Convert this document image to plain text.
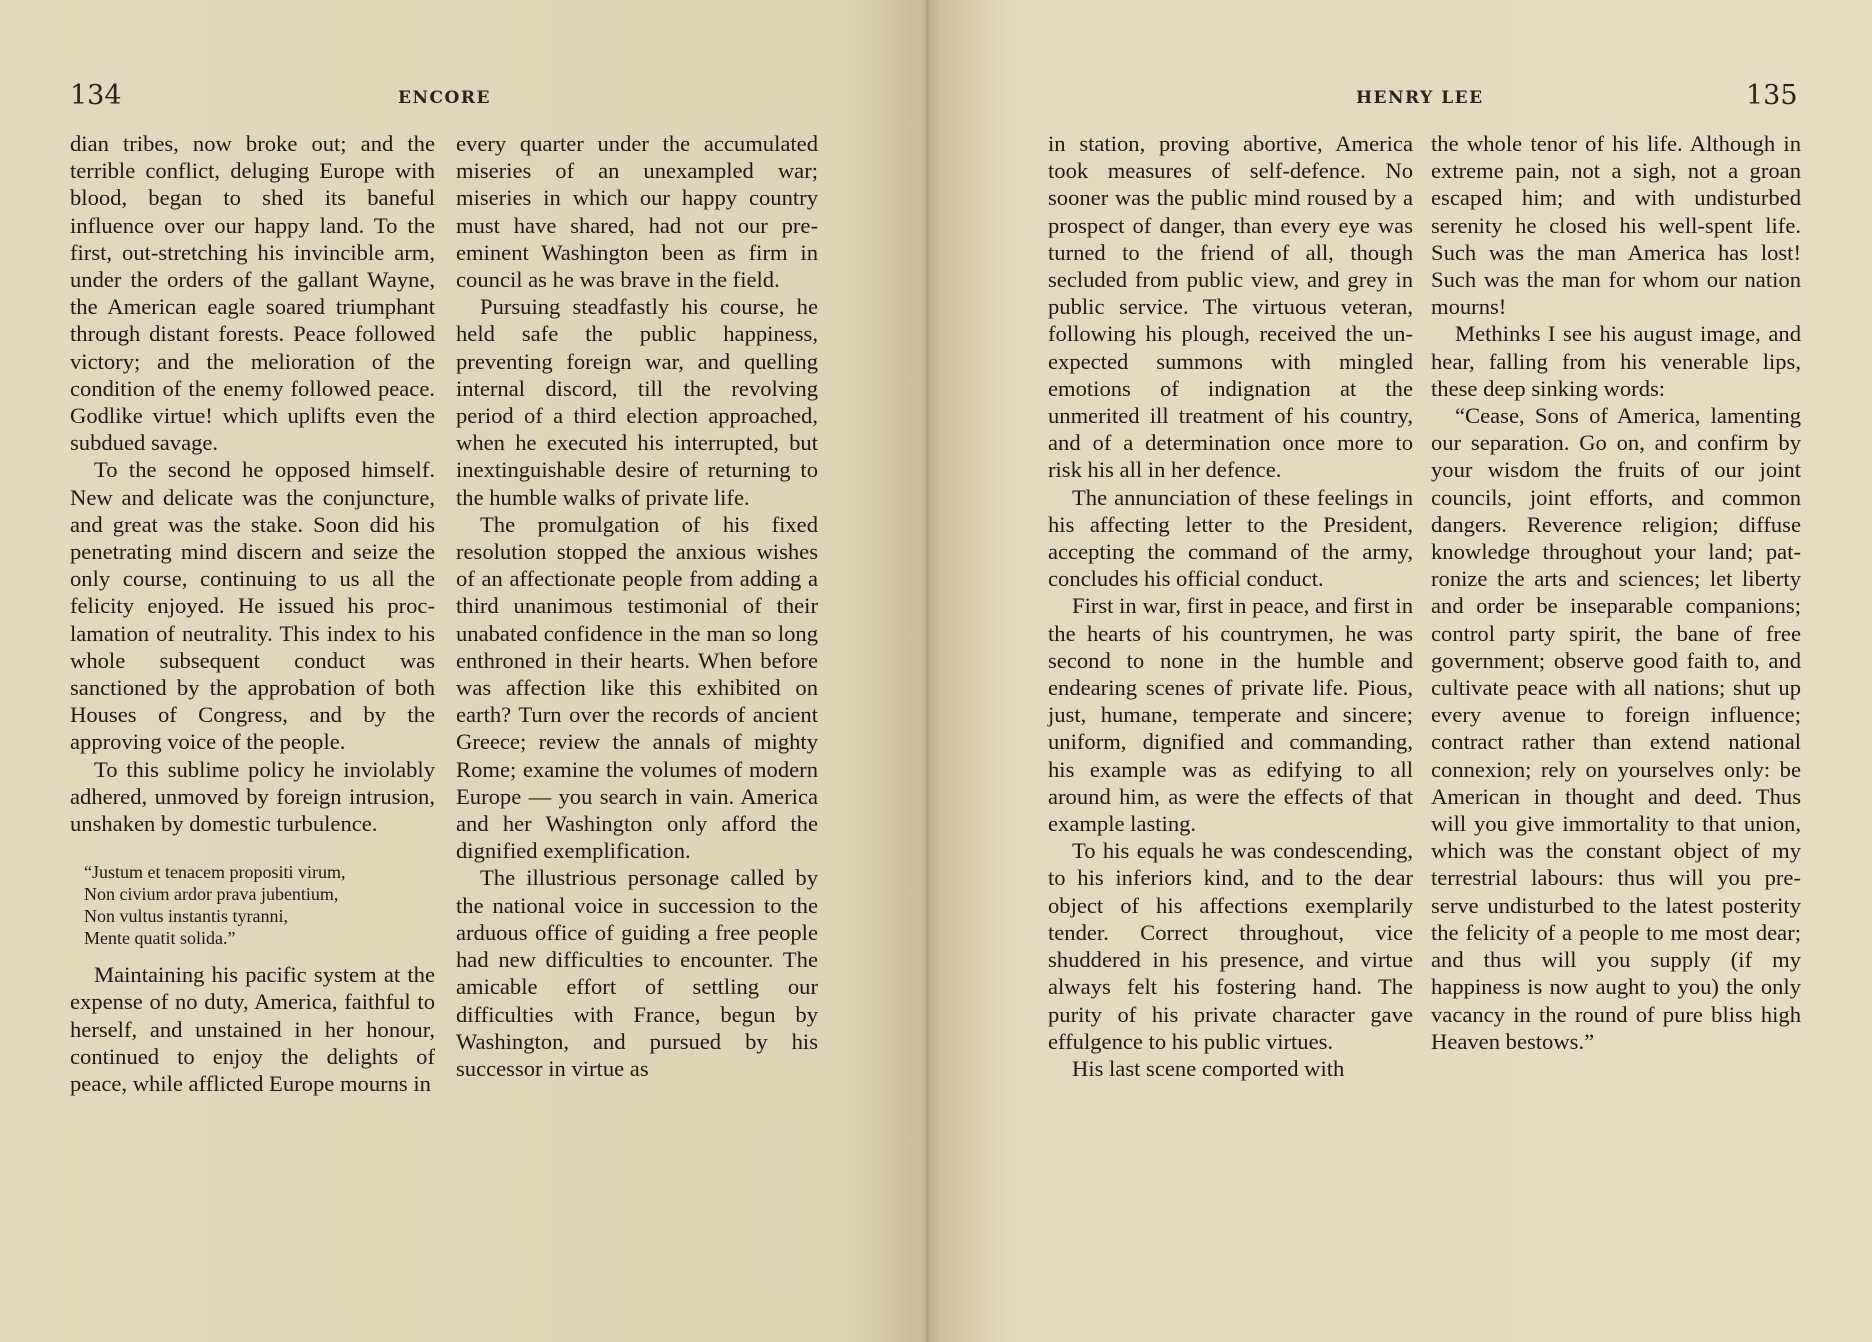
134	ENCORE

dian tribes, now broke out; and the terrible conflict, deluging Europe with blood, began to shed its baneful influence over our happy land. To the first, out-stretching his invincible arm, under the orders of the gallant Wayne, the American eagle soared triumphant through distant forests. Peace followed victory; and the melioration of the condition of the enemy followed peace. Godlike virtue! which uplifts even the subdued savage.

To the second he opposed himself. New and delicate was the conjuncture, and great was the stake. Soon did his penetrating mind discern and seize the only course, continuing to us all the felicity enjoyed. He issued his proclamation of neutrality. This index to his whole subsequent conduct was sanctioned by the approbation of both Houses of Congress, and by the approving voice of the people.

To this sublime policy he inviolably adhered, unmoved by foreign intrusion, unshaken by domestic turbulence.

“Justum et tenacem propositi virum,
Non civium ardor prava jubentium,
Non vultus instantis tyranni,
Mente quatit solida.”

Maintaining his pacific system at the expense of no duty, America, faithful to herself, and unstained in her honour, continued to enjoy the delights of peace, while afflicted Europe mourns in

every quarter under the accumulated miseries of an unexampled war; miseries in which our happy country must have shared, had not our pre-eminent Washington been as firm in council as he was brave in the field.

Pursuing steadfastly his course, he held safe the public happiness, preventing foreign war, and quelling internal discord, till the revolving period of a third election approached, when he executed his interrupted, but inextinguishable desire of returning to the humble walks of private life.

The promulgation of his fixed resolution stopped the anxious wishes of an affectionate people from adding a third unanimous testimonial of their unabated confidence in the man so long enthroned in their hearts. When before was affection like this exhibited on earth? Turn over the records of ancient Greece; review the annals of mighty Rome; examine the volumes of modern Europe — you search in vain. America and her Washington only afford the dignified exemplification.

The illustrious personage called by the national voice in succession to the arduous office of guiding a free people had new difficulties to encounter. The amicable effort of settling our difficulties with France, begun by Washington, and pursued by his successor in virtue as

HENRY LEE	135

in station, proving abortive, America took measures of self-defence. No sooner was the public mind roused by a prospect of danger, than every eye was turned to the friend of all, though secluded from public view, and grey in public service. The virtuous veteran, following his plough, received the unexpected summons with mingled emotions of indignation at the unmerited ill treatment of his country, and of a determination once more to risk his all in her defence.

The annunciation of these feelings in his affecting letter to the President, accepting the command of the army, concludes his official conduct.

First in war, first in peace, and first in the hearts of his countrymen, he was second to none in the humble and endearing scenes of private life. Pious, just, humane, temperate and sincere; uniform, dignified and commanding, his example was as edifying to all around him, as were the effects of that example lasting.

To his equals he was condescending, to his inferiors kind, and to the dear object of his affections exemplarily tender. Correct throughout, vice shuddered in his presence, and virtue always felt his fostering hand. The purity of his private character gave effulgence to his public virtues.

His last scene comported with

the whole tenor of his life. Although in extreme pain, not a sigh, not a groan escaped him; and with undisturbed serenity he closed his well-spent life. Such was the man America has lost! Such was the man for whom our nation mourns!

Methinks I see his august image, and hear, falling from his venerable lips, these deep sinking words:

“Cease, Sons of America, lamenting our separation. Go on, and confirm by your wisdom the fruits of our joint councils, joint efforts, and common dangers. Reverence religion; diffuse knowledge throughout your land; patronize the arts and sciences; let liberty and order be inseparable companions; control party spirit, the bane of free government; observe good faith to, and cultivate peace with all nations; shut up every avenue to foreign influence; contract rather than extend national connexion; rely on yourselves only: be American in thought and deed. Thus will you give immortality to that union, which was the constant object of my terrestrial labours: thus will you preserve undisturbed to the latest posterity the felicity of a people to me most dear; and thus will you supply (if my happiness is now aught to you) the only vacancy in the round of pure bliss high Heaven bestows.”
